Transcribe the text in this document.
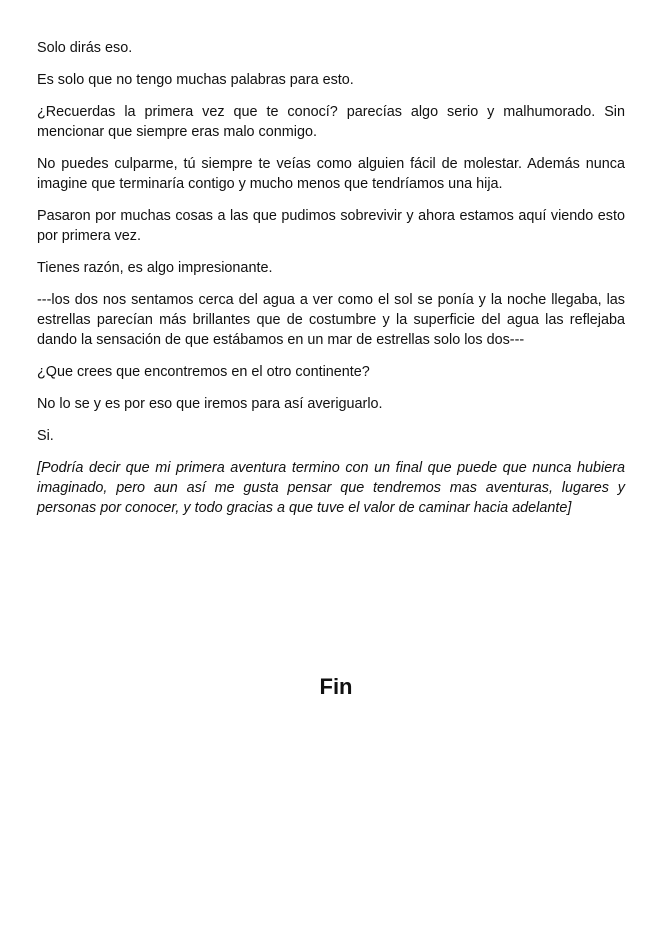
Solo dirás eso.

Es solo que no tengo muchas palabras para esto.

¿Recuerdas la primera vez que te conocí? parecías algo serio y malhumorado. Sin mencionar que siempre eras malo conmigo.

No puedes culparme, tú siempre te veías como alguien fácil de molestar. Además nunca imagine que terminaría contigo y mucho menos que tendríamos una hija.

Pasaron por muchas cosas a las que pudimos sobrevivir y ahora estamos aquí viendo esto por primera vez.

Tienes razón, es algo impresionante.

---los dos nos sentamos cerca del agua a ver como el sol se ponía y la noche llegaba, las estrellas parecían más brillantes que de costumbre y la superficie del agua las reflejaba dando la sensación de que estábamos en un mar de estrellas solo los dos---

¿Que crees que encontremos en el otro continente?

No lo se y es por eso que iremos para así averiguarlo.

Si.

[Podría decir que mi primera aventura termino con un final que puede que nunca hubiera imaginado, pero aun así me gusta pensar que tendremos mas aventuras, lugares y personas por conocer, y todo gracias a que tuve el valor de caminar hacia adelante]

Fin
